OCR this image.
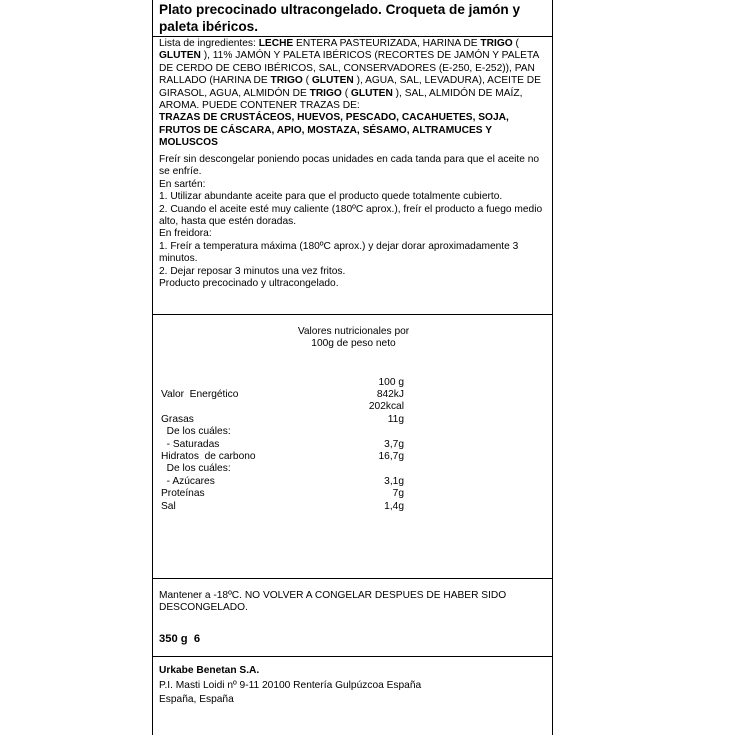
Plato precocinado ultracongelado. Croqueta de jamón y paleta ibéricos.
Lista de ingredientes: LECHE ENTERA PASTEURIZADA, HARINA DE TRIGO ( GLUTEN ), 11% JAMÓN Y PALETA IBÉRICOS (RECORTES DE JAMÓN Y PALETA DE CERDO DE CEBO IBÉRICOS, SAL, CONSERVADORES (E-250, E-252)), PAN RALLADO (HARINA DE TRIGO ( GLUTEN ), AGUA, SAL, LEVADURA), ACEITE DE GIRASOL, AGUA, ALMIDÓN DE TRIGO ( GLUTEN ), SAL, ALMIDÓN DE MAÍZ, AROMA. PUEDE CONTENER TRAZAS DE:
TRAZAS DE CRUSTÁCEOS, HUEVOS, PESCADO, CACAHUETES, SOJA, FRUTOS DE CÁSCARA, APIO, MOSTAZA, SÉSAMO, ALTRAMUCES Y MOLUSCOS
Freír sin descongelar poniendo pocas unidades en cada tanda para que el aceite no se enfríe.
En sartén:
1. Utilizar abundante aceite para que el producto quede totalmente cubierto.
2. Cuando el aceite esté muy caliente (180ºC aprox.), freír el producto a fuego medio alto, hasta que estén doradas.
En freidora:
1. Freír a temperatura máxima (180ºC aprox.) y dejar dorar aproximadamente 3 minutos.
2. Dejar reposar 3 minutos una vez fritos.
Producto precocinado y ultracongelado.
Valores nutricionales por
100g de peso neto
100 g
Valor  Energético	842kJ
202kcal
Grasas	11g
De los cuáles:
- Saturadas	3,7g
Hidratos  de carbono	16,7g
De los cuáles:
- Azúcares	3,1g
Proteínas	7g
Sal	1,4g
Mantener a -18ºC. NO VOLVER A CONGELAR DESPUES DE HABER SIDO DESCONGELADO.
350 g 6
Urkabe Benetan S.A.
P.I. Masti Loidi nº 9-11 20100 Rentería Gulpúzcoa España
España, España
